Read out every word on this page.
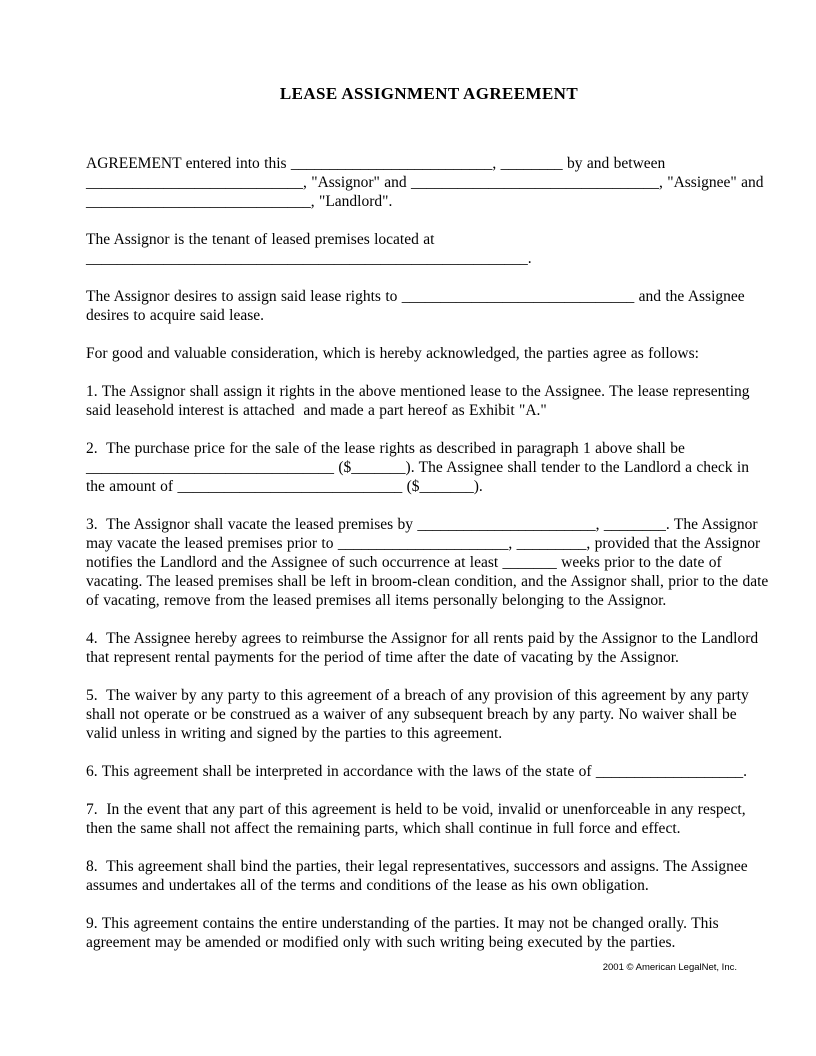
LEASE ASSIGNMENT AGREEMENT

AGREEMENT entered into this __________________________, ________ by and between ____________________________, "Assignor" and ________________________________, "Assignee" and _____________________________, "Landlord".

The Assignor is the tenant of leased premises located at _________________________________________________________.

The Assignor desires to assign said lease rights to ______________________________ and the Assignee desires to acquire said lease.

For good and valuable consideration, which is hereby acknowledged, the parties agree as follows:

1. The Assignor shall assign it rights in the above mentioned lease to the Assignee. The lease representing said leasehold interest is attached  and made a part hereof as Exhibit "A."

2.  The purchase price for the sale of the lease rights as described in paragraph 1 above shall be ________________________________ ($_______). The Assignee shall tender to the Landlord a check in the amount of _____________________________ ($_______).

3.  The Assignor shall vacate the leased premises by _______________________, ________. The Assignor may vacate the leased premises prior to ______________________, _________, provided that the Assignor notifies the Landlord and the Assignee of such occurrence at least _______ weeks prior to the date of vacating. The leased premises shall be left in broom-clean condition, and the Assignor shall, prior to the date of vacating, remove from the leased premises all items personally belonging to the Assignor.

4.  The Assignee hereby agrees to reimburse the Assignor for all rents paid by the Assignor to the Landlord that represent rental payments for the period of time after the date of vacating by the Assignor.

5.  The waiver by any party to this agreement of a breach of any provision of this agreement by any party shall not operate or be construed as a waiver of any subsequent breach by any party. No waiver shall be valid unless in writing and signed by the parties to this agreement.

6. This agreement shall be interpreted in accordance with the laws of the state of ___________________.

7.  In the event that any part of this agreement is held to be void, invalid or unenforceable in any respect, then the same shall not affect the remaining parts, which shall continue in full force and effect.

8.  This agreement shall bind the parties, their legal representatives, successors and assigns. The Assignee assumes and undertakes all of the terms and conditions of the lease as his own obligation.

9. This agreement contains the entire understanding of the parties. It may not be changed orally. This agreement may be amended or modified only with such writing being executed by the parties.

2001 © American LegalNet, Inc.
